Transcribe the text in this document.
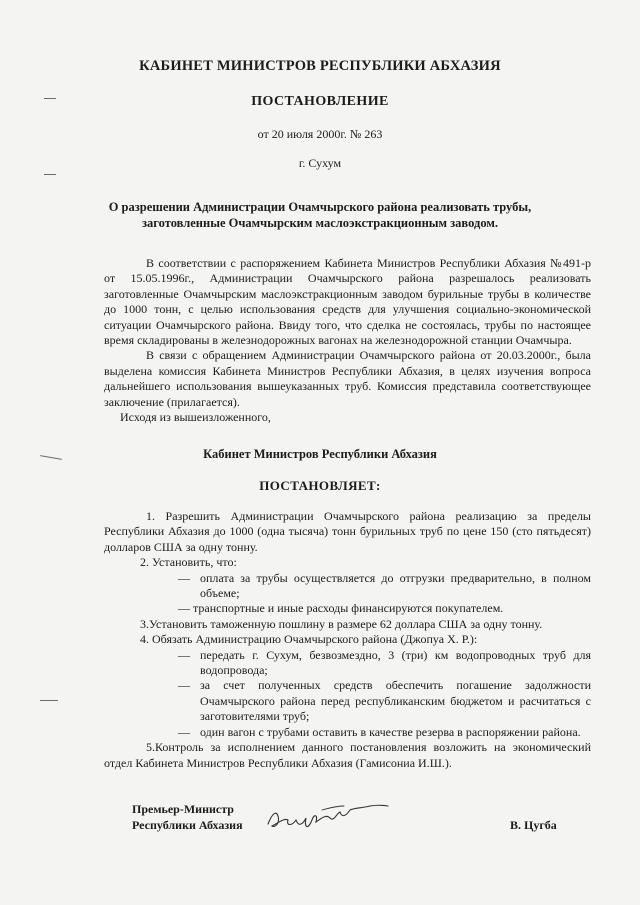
КАБИНЕТ МИНИСТРОВ РЕСПУБЛИКИ АБХАЗИЯ

ПОСТАНОВЛЕНИЕ

от 20 июля 2000г. № 263

г. Сухум

О разрешении Администрации Очамчырского района реализовать трубы,
заготовленные Очамчырским маслоэкстракционным заводом.

В соответствии с распоряжением Кабинета Министров Республики Абхазия №491-р от 15.05.1996г., Администрации Очамчырского района разрешалось реализовать заготовленные Очамчырским маслоэкстракционным заводом бурильные трубы в количестве до 1000 тонн, с целью использования средств для улучшения социально-экономической ситуации Очамчырского района. Ввиду того, что сделка не состоялась, трубы по настоящее время складированы в железнодорожных вагонах на железнодорожной станции Очамчыра.

В связи с обращением Администрации Очамчырского района от 20.03.2000г., была выделена комиссия Кабинета Министров Республики Абхазия, в целях изучения вопроса дальнейшего использования вышеуказанных труб. Комиссия представила соответствующее заключение (прилагается).

Исходя из вышеизложенного,

Кабинет Министров Республики Абхазия

ПОСТАНОВЛЯЕТ:

1. Разрешить Администрации Очамчырского района реализацию за пределы Республики Абхазия до 1000 (одна тысяча) тонн бурильных труб по цене 150 (сто пятьдесят) долларов США за одну тонну.

2. Установить, что:

— оплата за трубы осуществляется до отгрузки предварительно, в полном объеме;

— транспортные и иные расходы финансируются покупателем.

3.Установить таможенную пошлину в размере 62 доллара США за одну тонну.

4. Обязать Администрацию Очамчырского района (Джопуа Х. Р.):

— передать г. Сухум, безвозмездно, 3 (три) км водопроводных труб для водопровода;
— за счет полученных средств обеспечить погашение задолжности Очамчырского района перед республиканским бюджетом и расчитаться с заготовителями труб;
— один вагон с трубами оставить в качестве резерва в распоряжении района.

5.Контроль за исполнением данного постановления возложить на экономический отдел Кабинета Министров Республики Абхазия (Гамисониа И.Ш.).

Премьер-Министр
Республики Абхазия	В. Цугба
